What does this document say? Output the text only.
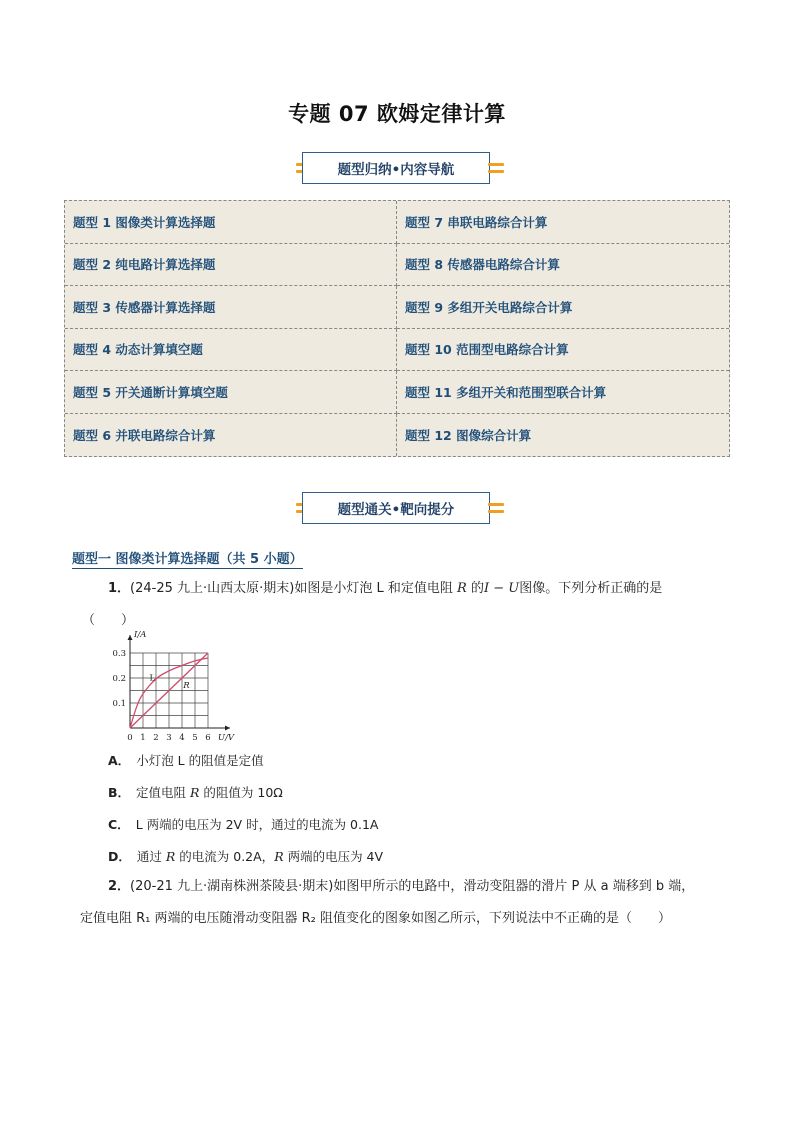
专题 07 欧姆定律计算
题型归纳•内容导航
题型 1 图像类计算选择题	题型 7 串联电路综合计算
题型 2 纯电路计算选择题	题型 8 传感器电路综合计算
题型 3 传感器计算选择题	题型 9 多组开关电路综合计算
题型 4 动态计算填空题	题型 10 范围型电路综合计算
题型 5 开关通断计算填空题	题型 11 多组开关和范围型联合计算
题型 6 并联电路综合计算	题型 12 图像综合计算
题型通关•靶向提分
题型一 图像类计算选择题（共 5 小题）
1．(24-25 九上·山西太原·期末)如图是小灯泡 L 和定值电阻 R 的I − U图像。下列分析正确的是
（　　）
0 1 2 3 4 5 6
0.1
0.2
0.3
U/V
I/A
L
R
A． 小灯泡 L 的阻值是定值
B． 定值电阻 R 的阻值为 10Ω
C． L 两端的电压为 2V 时，通过的电流为 0.1A
D． 通过 R 的电流为 0.2A，R 两端的电压为 4V
2．(20-21 九上·湖南株洲茶陵县·期末)如图甲所示的电路中，滑动变阻器的滑片 P 从 a 端移到 b 端，
定值电阻 R₁ 两端的电压随滑动变阻器 R₂ 阻值变化的图象如图乙所示，下列说法中不正确的是（　　）
